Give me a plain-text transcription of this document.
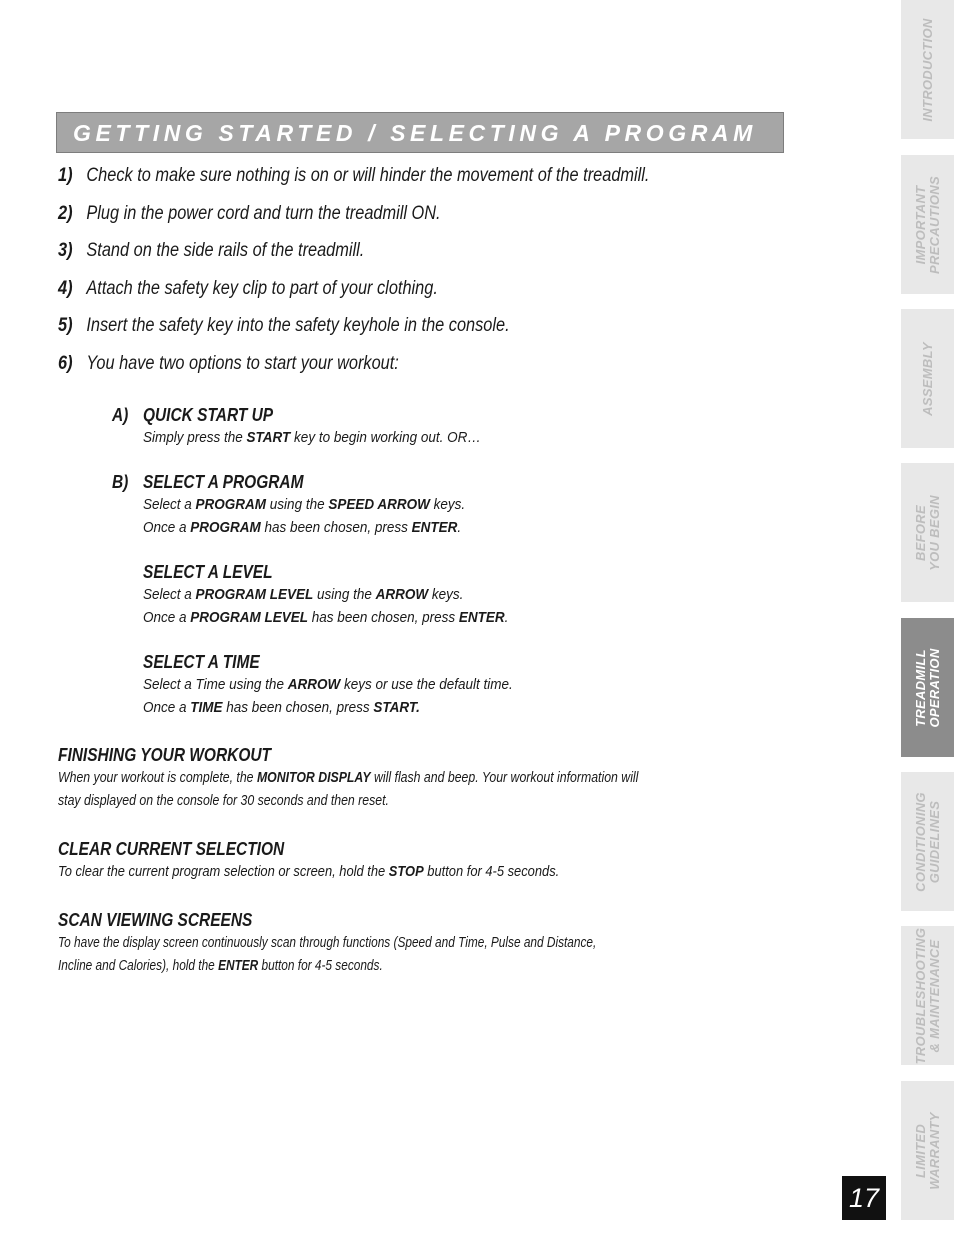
GETTING STARTED / SELECTING A PROGRAM
1) Check to make sure nothing is on or will hinder the movement of the treadmill.
2) Plug in the power cord and turn the treadmill ON.
3) Stand on the side rails of the treadmill.
4) Attach the safety key clip to part of your clothing.
5) Insert the safety key into the safety keyhole in the console.
6) You have two options to start your workout:
A) QUICK START UP
Simply press the START key to begin working out. OR…
B) SELECT A PROGRAM
Select a PROGRAM using the SPEED ARROW keys.
Once a PROGRAM has been chosen, press ENTER.
SELECT A LEVEL
Select a PROGRAM LEVEL using the ARROW keys.
Once a PROGRAM LEVEL has been chosen, press ENTER.
SELECT A TIME
Select a Time using the ARROW keys or use the default time.
Once a TIME has been chosen, press START.
FINISHING YOUR WORKOUT
When your workout is complete, the MONITOR DISPLAY will flash and beep. Your workout information will
stay displayed on the console for 30 seconds and then reset.
CLEAR CURRENT SELECTION
To clear the current program selection or screen, hold the STOP button for 4-5 seconds.
SCAN VIEWING SCREENS
To have the display screen continuously scan through functions (Speed and Time, Pulse and Distance,
Incline and Calories), hold the ENTER button for 4-5 seconds.
INTRODUCTION
IMPORTANT
PRECAUTIONS
ASSEMBLY
BEFORE
YOU BEGIN
TREADMILL
OPERATION
CONDITIONING
GUIDELINES
TROUBLESHOOTING
& MAINTENANCE
LIMITED
WARRANTY
17
